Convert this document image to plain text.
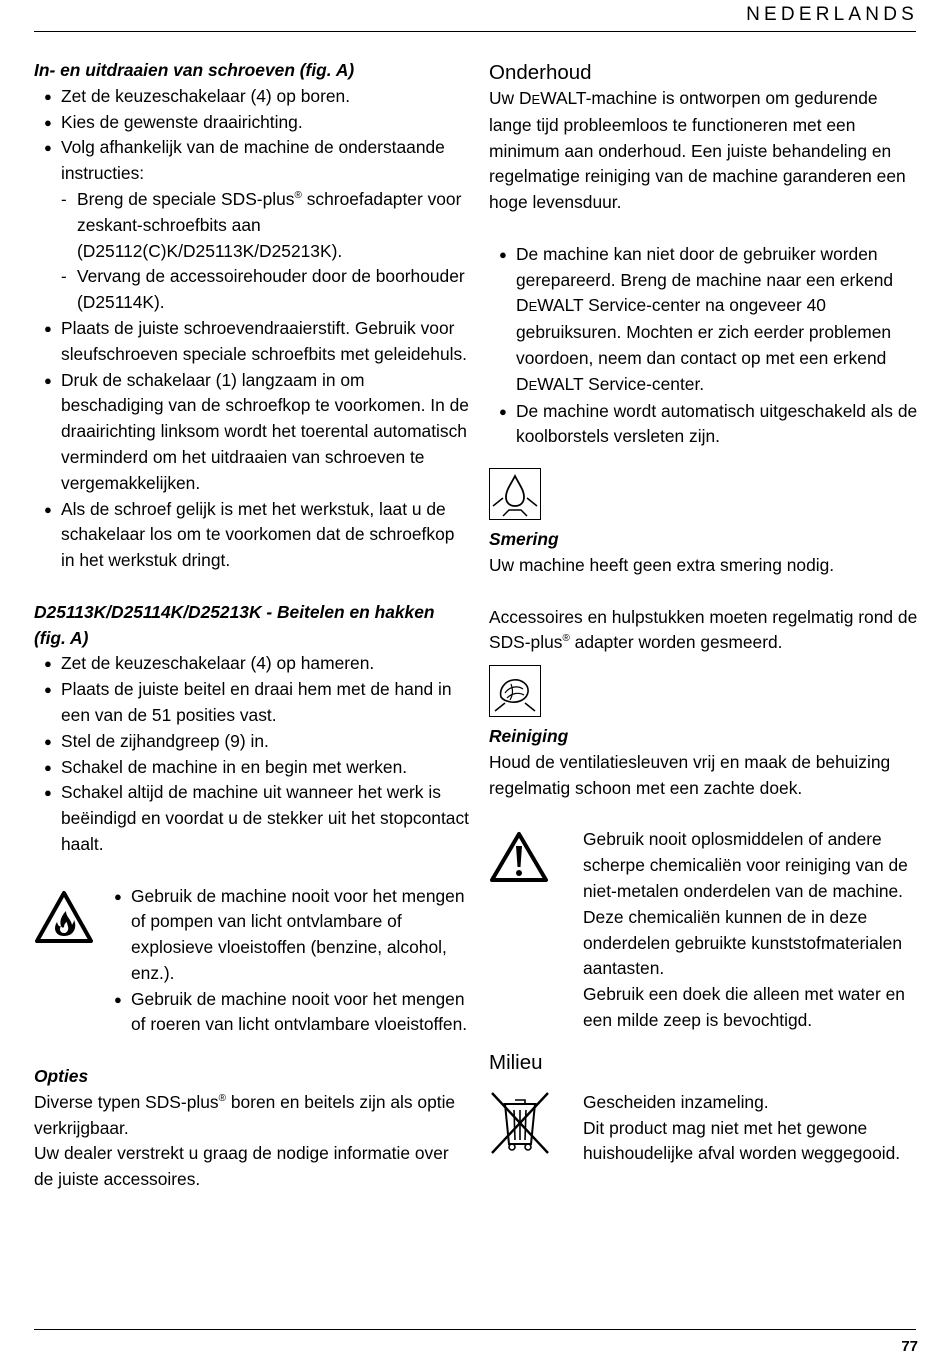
NEDERLANDS

In- en uitdraaien van schroeven (fig. A)

● Zet de keuzeschakelaar (4) op boren.
● Kies de gewenste draairichting.
● Volg afhankelijk van de machine de onderstaande instructies:
- Breng de speciale SDS-plus® schroefadapter voor zeskant-schroefbits aan (D25112(C)K/D25113K/D25213K).
- Vervang de accessoirehouder door de boorhouder (D25114K).
● Plaats de juiste schroevendraaierstift. Gebruik voor sleufschroeven speciale schroefbits met geleidehuls.
● Druk de schakelaar (1) langzaam in om beschadiging van de schroefkop te voorkomen. In de draairichting linksom wordt het toerental automatisch verminderd om het uitdraaien van schroeven te vergemakkelijken.
● Als de schroef gelijk is met het werkstuk, laat u de schakelaar los om te voorkomen dat de schroefkop in het werkstuk dringt.

D25113K/D25114K/D25213K - Beitelen en hakken (fig. A)

● Zet de keuzeschakelaar (4) op hameren.
● Plaats de juiste beitel en draai hem met de hand in een van de 51 posities vast.
● Stel de zijhandgreep (9) in.
● Schakel de machine in en begin met werken.
● Schakel altijd de machine uit wanneer het werk is beëindigd en voordat u de stekker uit het stopcontact haalt.
● Gebruik de machine nooit voor het mengen of pompen van licht ontvlambare of explosieve vloeistoffen (benzine, alcohol, enz.).
● Gebruik de machine nooit voor het mengen of roeren van licht ontvlambare vloeistoffen.

Opties

Diverse typen SDS-plus® boren en beitels zijn als optie verkrijgbaar.

Uw dealer verstrekt u graag de nodige informatie over de juiste accessoires.

Onderhoud

Uw DEWALT-machine is ontworpen om gedurende lange tijd probleemloos te functioneren met een minimum aan onderhoud. Een juiste behandeling en regelmatige reiniging van de machine garanderen een hoge levensduur.

● De machine kan niet door de gebruiker worden gerepareerd. Breng de machine naar een erkend DEWALT Service-center na ongeveer 40 gebruiksuren. Mochten er zich eerder problemen voordoen, neem dan contact op met een erkend DEWALT Service-center.
● De machine wordt automatisch uitgeschakeld als de koolborstels versleten zijn.

Smering

Uw machine heeft geen extra smering nodig.

Accessoires en hulpstukken moeten regelmatig rond de SDS-plus® adapter worden gesmeerd.

Reiniging

Houd de ventilatiesleuven vrij en maak de behuizing regelmatig schoon met een zachte doek.

Gebruik nooit oplosmiddelen of andere scherpe chemicaliën voor reiniging van de niet-metalen onderdelen van de machine. Deze chemicaliën kunnen de in deze onderdelen gebruikte kunststofmaterialen aantasten.

Gebruik een doek die alleen met water en een milde zeep is bevochtigd.

Milieu

Gescheiden inzameling.

Dit product mag niet met het gewone huishoudelijke afval worden weggegooid.

77
